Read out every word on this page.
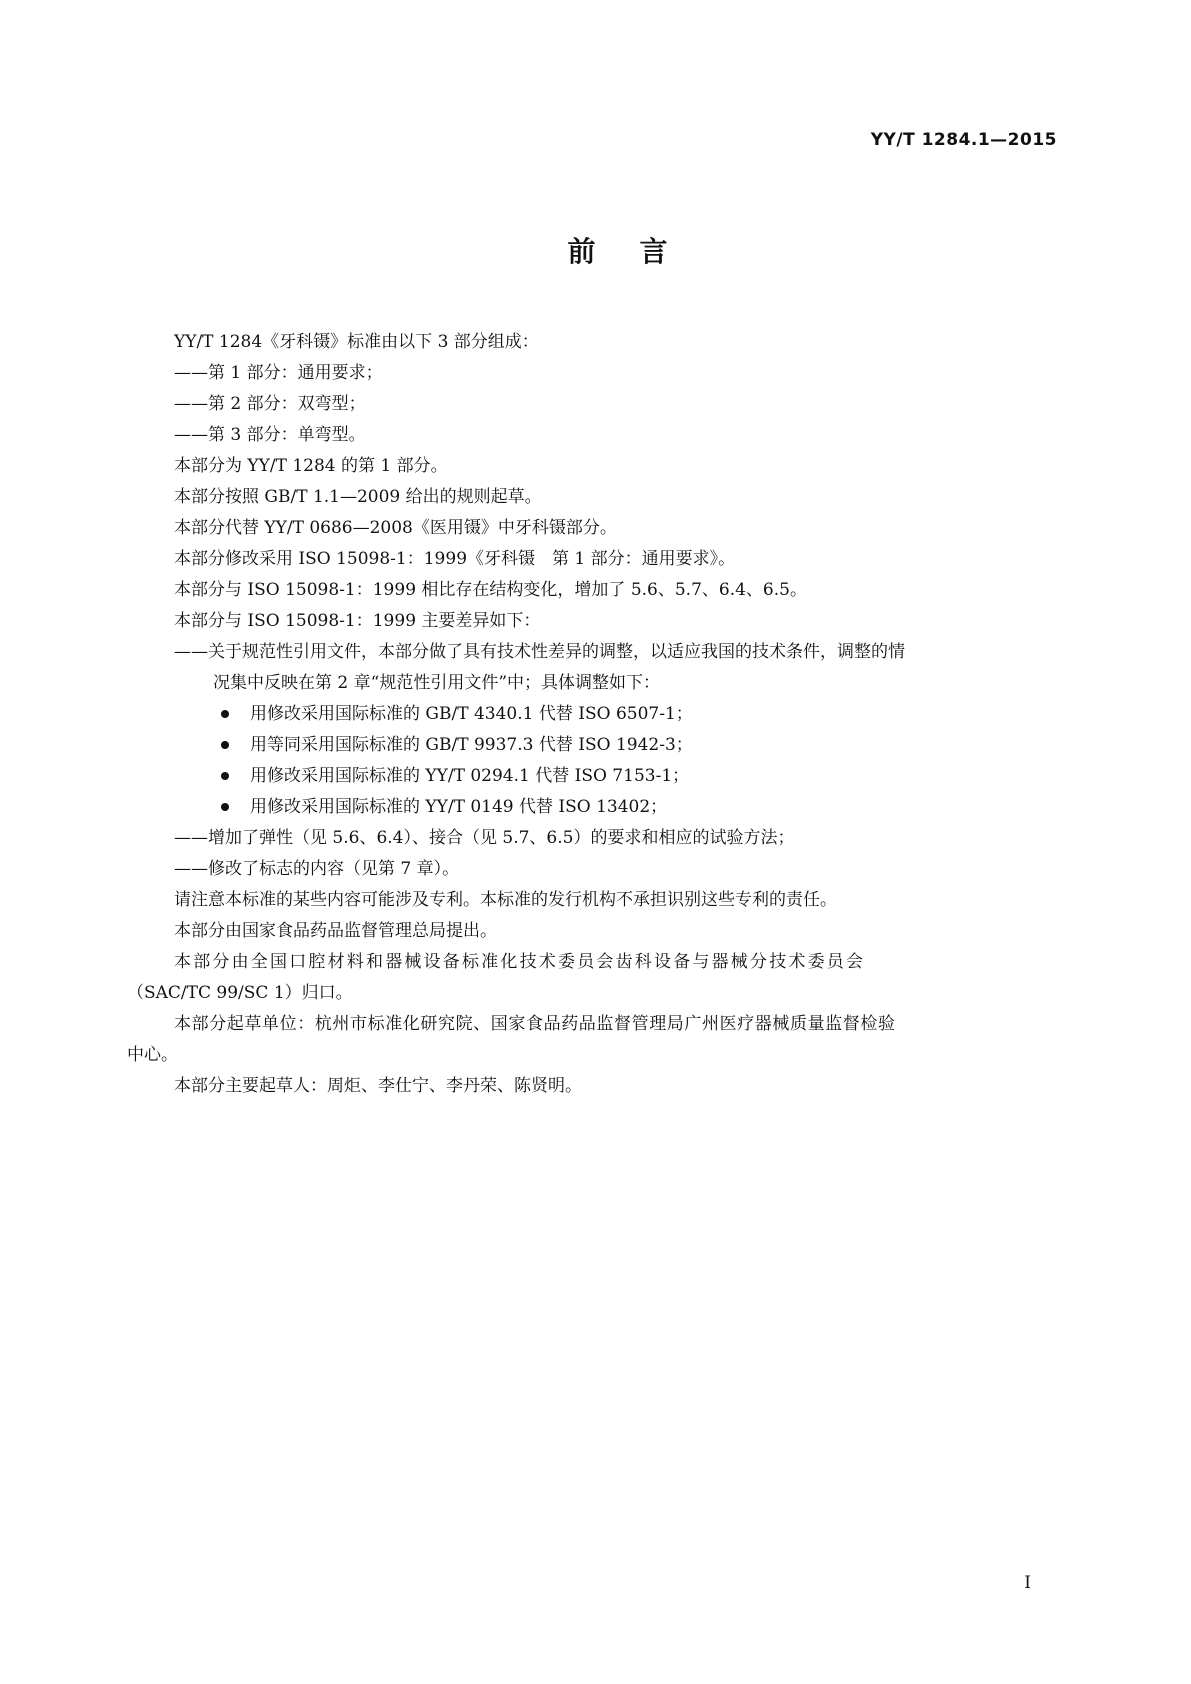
YY/T 1284.1—2015
前言

YY/T 1284《牙科镊》标准由以下 3 部分组成：

——第 1 部分：通用要求；

——第 2 部分：双弯型；

——第 3 部分：单弯型。

本部分为 YY/T 1284 的第 1 部分。

本部分按照 GB/T 1.1—2009 给出的规则起草。

本部分代替 YY/T 0686—2008《医用镊》中牙科镊部分。

本部分修改采用 ISO 15098-1：1999《牙科镊　第 1 部分：通用要求》。

本部分与 ISO 15098-1：1999 相比存在结构变化，增加了 5.6、5.7、6.4、6.5。

本部分与 ISO 15098-1：1999 主要差异如下：

——关于规范性引用文件，本部分做了具有技术性差异的调整，以适应我国的技术条件，调整的情

况集中反映在第 2 章“规范性引用文件”中；具体调整如下：

用修改采用国际标准的 GB/T 4340.1 代替 ISO 6507-1；

用等同采用国际标准的 GB/T 9937.3 代替 ISO 1942-3；

用修改采用国际标准的 YY/T 0294.1 代替 ISO 7153-1；

用修改采用国际标准的 YY/T 0149 代替 ISO 13402；

——增加了弹性（见 5.6、6.4）、接合（见 5.7、6.5）的要求和相应的试验方法；

——修改了标志的内容（见第 7 章）。

请注意本标准的某些内容可能涉及专利。本标准的发行机构不承担识别这些专利的责任。

本部分由国家食品药品监督管理总局提出。

本部分由全国口腔材料和器械设备标准化技术委员会齿科设备与器械分技术委员会

（SAC/TC 99/SC 1）归口。

本部分起草单位：杭州市标准化研究院、国家食品药品监督管理局广州医疗器械质量监督检验

中心。

本部分主要起草人：周炬、李仕宁、李丹荣、陈贤明。

I
